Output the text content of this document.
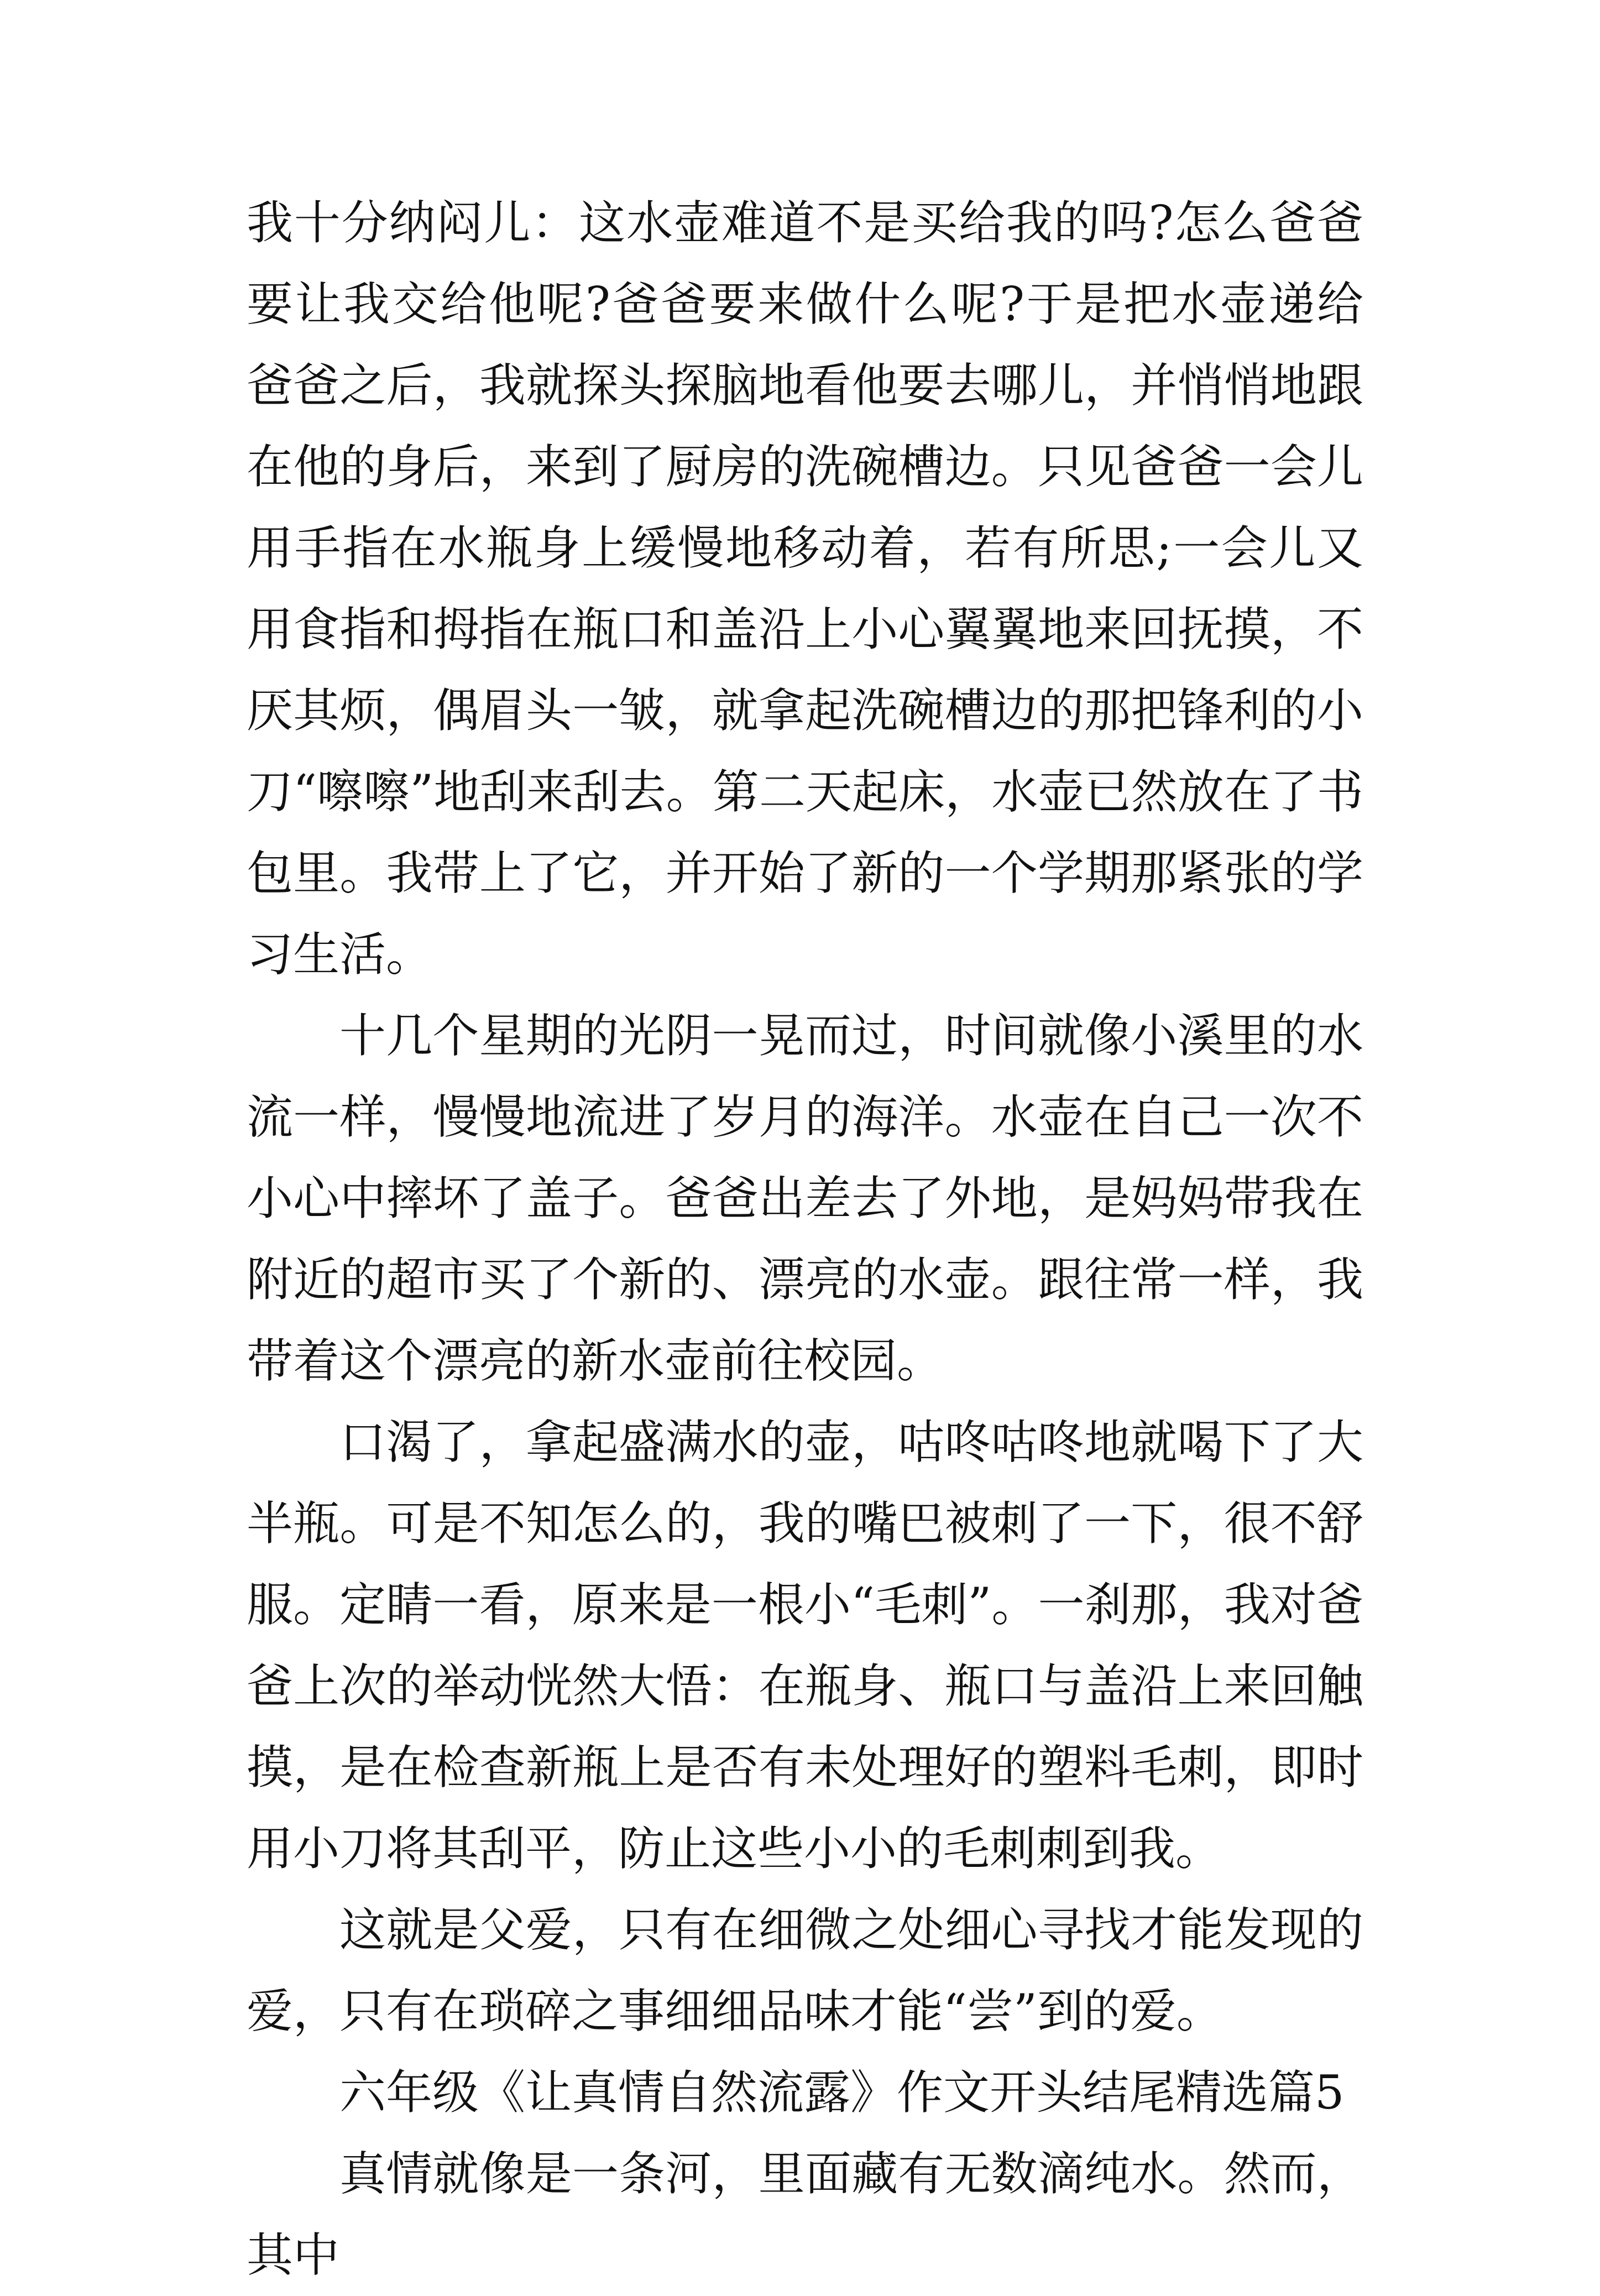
我十分纳闷儿：这水壶难道不是买给我的吗?怎么爸爸要让我交给他呢?爸爸要来做什么呢?于是把水壶递给爸爸之后，我就探头探脑地看他要去哪儿，并悄悄地跟在他的身后，来到了厨房的洗碗槽边。只见爸爸一会儿用手指在水瓶身上缓慢地移动着，若有所思;一会儿又用食指和拇指在瓶口和盖沿上小心翼翼地来回抚摸，不厌其烦，偶眉头一皱，就拿起洗碗槽边的那把锋利的小刀“嚓嚓”地刮来刮去。第二天起床，水壶已然放在了书包里。我带上了它，并开始了新的一个学期那紧张的学习生活。

十几个星期的光阴一晃而过，时间就像小溪里的水流一样，慢慢地流进了岁月的海洋。水壶在自己一次不小心中摔坏了盖子。爸爸出差去了外地，是妈妈带我在附近的超市买了个新的、漂亮的水壶。跟往常一样，我带着这个漂亮的新水壶前往校园。

口渴了，拿起盛满水的壶，咕咚咕咚地就喝下了大半瓶。可是不知怎么的，我的嘴巴被刺了一下，很不舒服。定睛一看，原来是一根小“毛刺”。一刹那，我对爸爸上次的举动恍然大悟：在瓶身、瓶口与盖沿上来回触摸，是在检查新瓶上是否有未处理好的塑料毛刺，即时用小刀将其刮平，防止这些小小的毛刺刺到我。

这就是父爱，只有在细微之处细心寻找才能发现的爱，只有在琐碎之事细细品味才能“尝”到的爱。

六年级《让真情自然流露》作文开头结尾精选篇5

真情就像是一条河，里面藏有无数滴纯水。然而，其中
